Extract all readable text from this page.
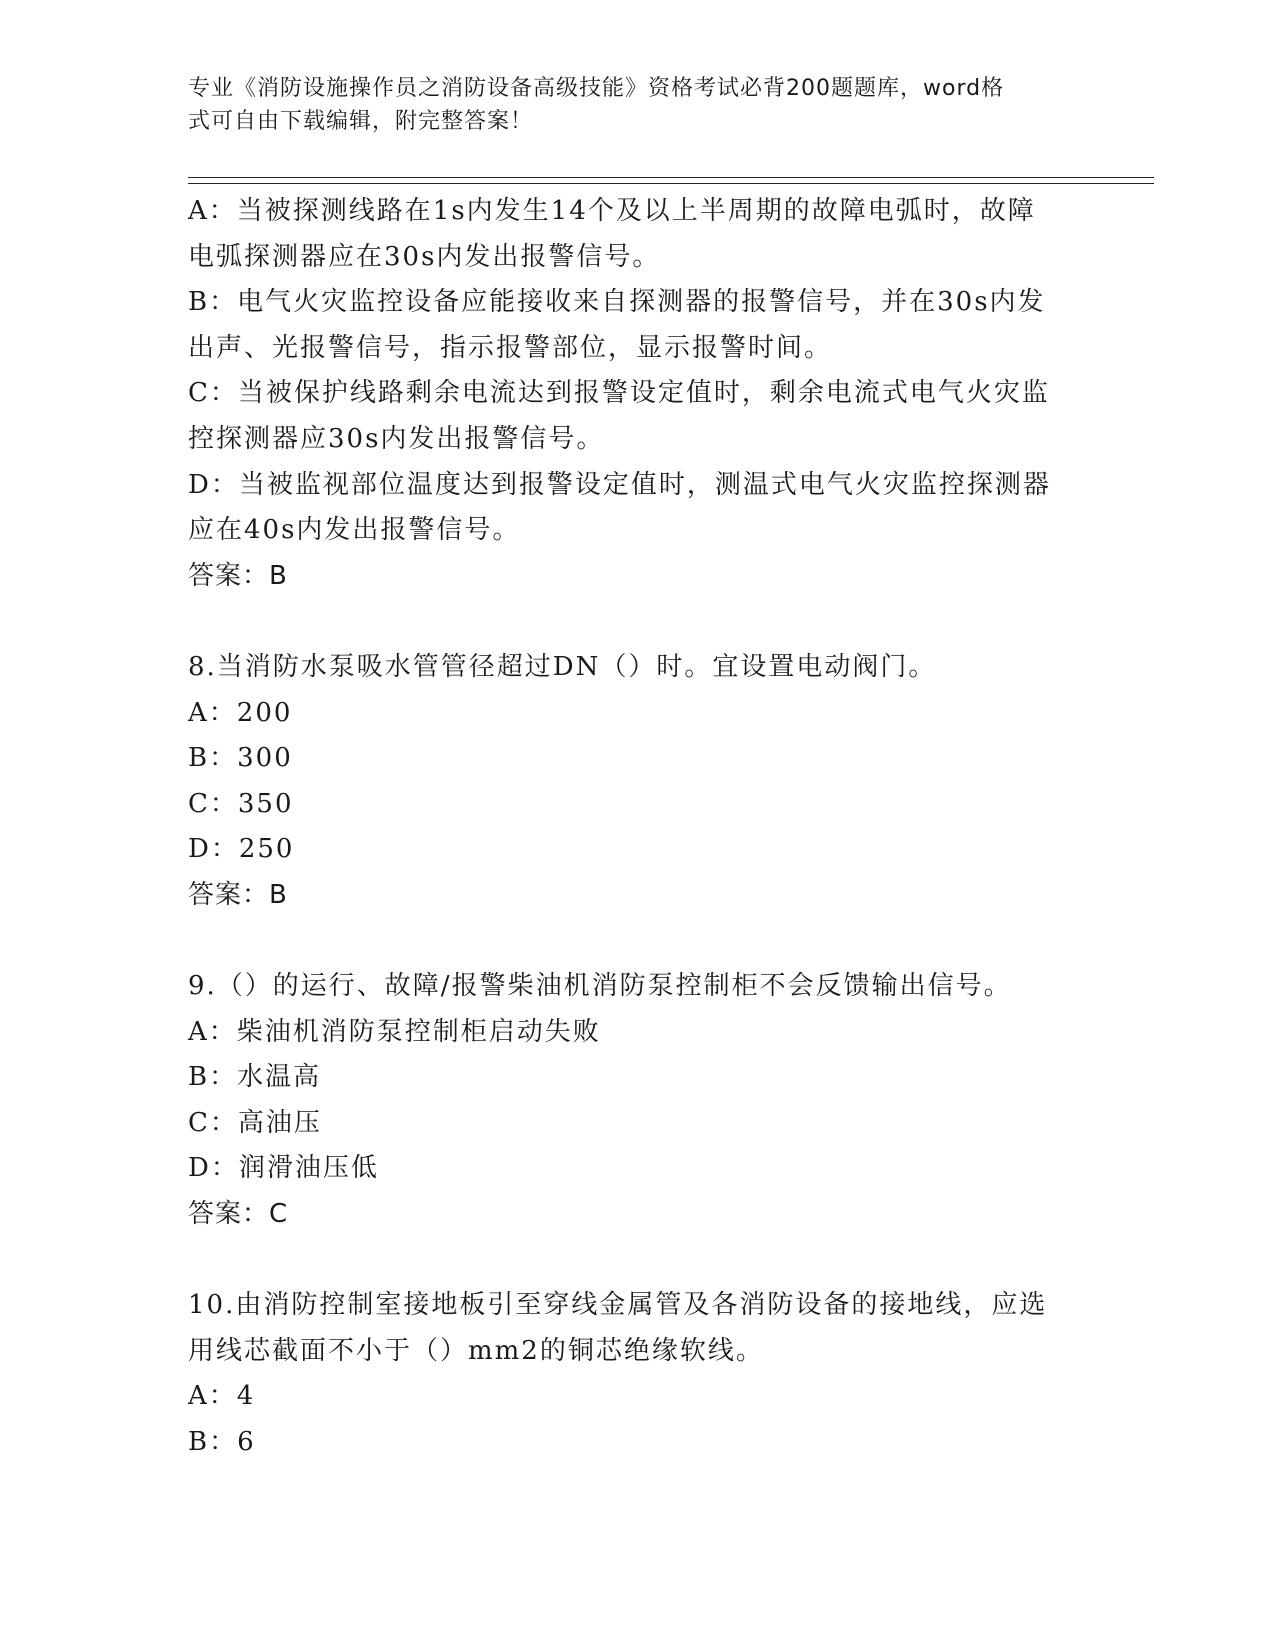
专业《消防设施操作员之消防设备高级技能》资格考试必背200题题库，word格
式可自由下载编辑，附完整答案！
A：当被探测线路在1s内发生14个及以上半周期的故障电弧时，故障
电弧探测器应在30s内发出报警信号。
B：电气火灾监控设备应能接收来自探测器的报警信号，并在30s内发
出声、光报警信号，指示报警部位，显示报警时间。
C：当被保护线路剩余电流达到报警设定值时，剩余电流式电气火灾监
控探测器应30s内发出报警信号。
D：当被监视部位温度达到报警设定值时，测温式电气火灾监控探测器
应在40s内发出报警信号。
答案：B
8.当消防水泵吸水管管径超过DN（）时。宜设置电动阀门。
A：200
B：300
C：350
D：250
答案：B
9.（）的运行、故障/报警柴油机消防泵控制柜不会反馈输出信号。
A：柴油机消防泵控制柜启动失败
B：水温高
C：高油压
D：润滑油压低
答案：C
10.由消防控制室接地板引至穿线金属管及各消防设备的接地线，应选
用线芯截面不小于（）mm2的铜芯绝缘软线。
A：4
B：6
